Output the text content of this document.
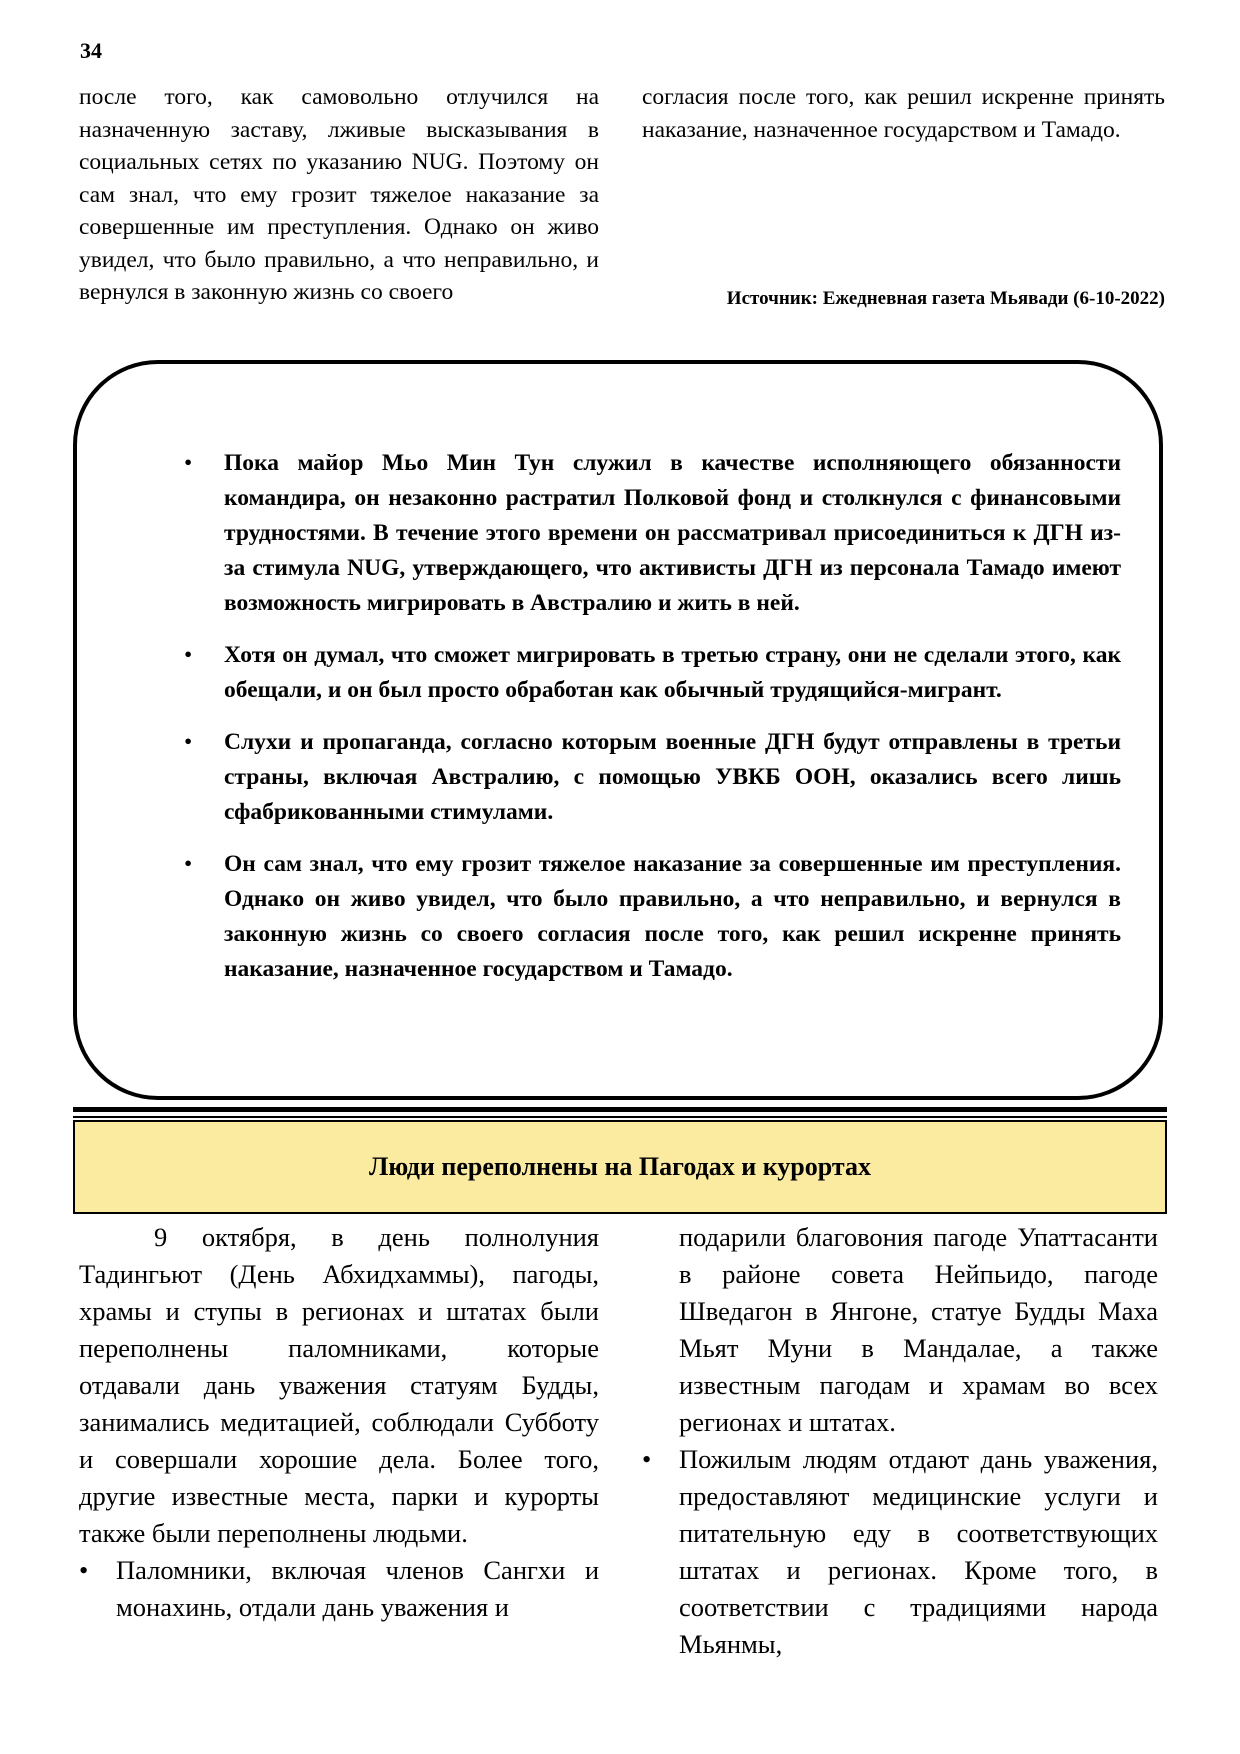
34

после того, как самовольно отлучился на назначенную заставу, лживые высказывания в социальных сетях по указанию NUG. Поэтому он сам знал, что ему грозит тяжелое наказание за совершенные им преступления. Однако он живо увидел, что было правильно, а что неправильно, и вернулся в законную жизнь со своего

согласия после того, как решил искренне принять наказание, назначенное государством и Тамадо.

Источник: Ежедневная газета Мьявади (6-10-2022)
• Пока майор Мьо Мин Тун служил в качестве исполняющего обязанности командира, он незаконно растратил Полковой фонд и столкнулся с финансовыми трудностями. В течение этого времени он рассматривал присоединиться к ДГН из-за стимула NUG, утверждающего, что активисты ДГН из персонала Тамадо имеют возможность мигрировать в Австралию и жить в ней.
• Хотя он думал, что сможет мигрировать в третью страну, они не сделали этого, как обещали, и он был просто обработан как обычный трудящийся-мигрант.
• Слухи и пропаганда, согласно которым военные ДГН будут отправлены в третьи страны, включая Австралию, с помощью УВКБ ООН, оказались всего лишь сфабрикованными стимулами.
• Он сам знал, что ему грозит тяжелое наказание за совершенные им преступления. Однако он живо увидел, что было правильно, а что неправильно, и вернулся в законную жизнь со своего согласия после того, как решил искренне принять наказание, назначенное государством и Тамадо.
Люди переполнены на Пагодах и курортах

9 октября, в день полнолуния Тадингьют (День Абхидхаммы), пагоды, храмы и ступы в регионах и штатах были переполнены паломниками, которые отдавали дань уважения статуям Будды, занимались медитацией, соблюдали Субботу и совершали хорошие дела. Более того, другие известные места, парки и курорты также были переполнены людьми.

• Паломники, включая членов Сангхи и монахинь, отдали дань уважения и

подарили благовония пагоде Упаттасанти в районе совета Нейпьидо, пагоде Шведагон в Янгоне, статуе Будды Маха Мьят Муни в Мандалае, а также известным пагодам и храмам во всех регионах и штатах.

• Пожилым людям отдают дань уважения, предоставляют медицинские услуги и питательную еду в соответствующих штатах и регионах. Кроме того, в соответствии с традициями народа Мьянмы,
